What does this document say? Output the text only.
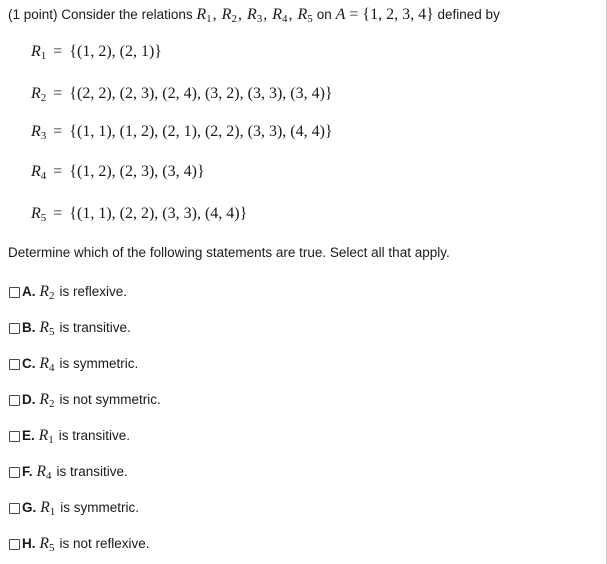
(1 point) Consider the relations $R_1$, $R_2$, $R_3$, $R_4$, $R_5$ on A = {1, 2, 3, 4} defined by
$R_1 = \{(1$, 2), (2, 1)}
$R_2 = \{(2$, 2), (2, 3), (2, 4), (3, 2), (3, 3), (3, 4)}
$R_3 = \{(1$, 1), (1, 2), (2, 1), (2, 2), (3, 3), (4, 4)}
$R_4 = \{(1$, 2), (2, 3), (3, 4)}
$R_5 = \{(1$, 1), (2, 2), (3, 3), (4, 4)}
Determine which of the following statements are true. Select all that apply.
A. $R_2$ is reflexive.
B. $R_5$ is transitive.
C. $R_4$ is symmetric.
D. $R_2$ is not symmetric.
E. $R_1$ is transitive.
F. $R_4$ is transitive.
G. $R_1$ is symmetric.
H. $R_5$ is not reflexive.
